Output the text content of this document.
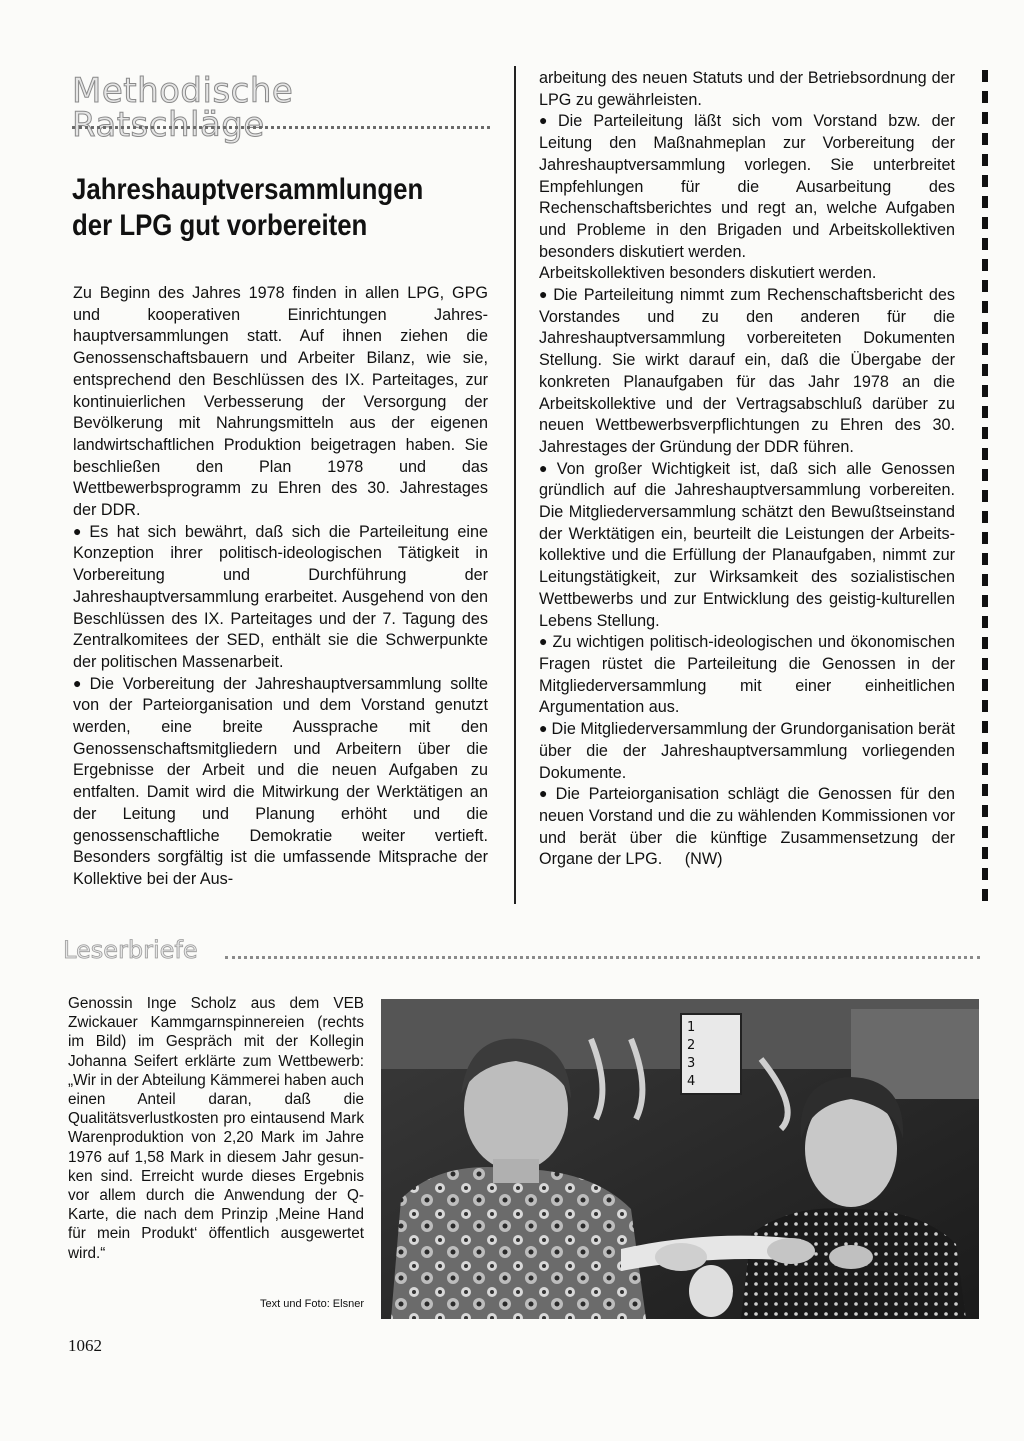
Methodische Ratschläge
Jahreshauptversammlungen der LPG gut vorbereiten

Zu Beginn des Jahres 1978 finden in allen LPG, GPG und kooperativen Einrichtungen Jahreshauptversammlungen statt. Auf ihnen ziehen die Genossenschaftsbauern und Arbeiter Bilanz, wie sie, entsprechend den Beschlüssen des IX. Parteitages, zur kontinuierlichen Verbesserung der Versorgung der Bevölkerung mit Nahrungsmitteln aus der eigenen landwirtschaftlichen Produktion beigetragen haben. Sie beschließen den Plan 1978 und das Wettbewerbsprogramm zu Ehren des 30. Jahrestages der DDR.

● Es hat sich bewährt, daß sich die Parteileitung eine Konzeption ihrer politisch-ideologischen Tätigkeit in Vorbereitung und Durchführung der Jahreshauptversammlung erarbeitet. Ausgehend von den Beschlüssen des IX. Parteitages und der 7. Tagung des Zentralkomitees der SED, enthält sie die Schwerpunkte der politischen Massenarbeit.

● Die Vorbereitung der Jahreshauptversammlung sollte von der Parteiorganisation und dem Vorstand genutzt werden, eine breite Aussprache mit den Genossenschaftsmitgliedern und Arbeitern über die Ergebnisse der Arbeit und die neuen Aufgaben zu entfalten. Damit wird die Mitwirkung der Werktätigen an der Leitung und Planung erhöht und die genossenschaftliche Demokratie weiter vertieft. Besonders sorgfältig ist die umfassende Mitsprache der Kollektive bei der Aus-

arbeitung des neuen Statuts und der Betriebsordnung der LPG zu gewährleisten.

● Die Parteileitung läßt sich vom Vorstand bzw. der Leitung den Maßnahmeplan zur Vorbereitung der Jahreshauptversammlung vorlegen. Sie unterbreitet Empfehlungen für die Ausarbeitung des Rechenschaftsberichtes und regt an, welche Aufgaben und Probleme in den Brigaden und Arbeitskollektiven besonders diskutiert werden.

Arbeitskollektiven besonders diskutiert werden.

● Die Parteileitung nimmt zum Rechenschaftsbericht des Vorstandes und zu den anderen für die Jahreshauptversammlung vorbereiteten Dokumenten Stellung. Sie wirkt darauf ein, daß die Übergabe der konkreten Planaufgaben für das Jahr 1978 an die Arbeitskollektive und der Vertragsabschluß darüber zu neuen Wettbewerbsverpflichtungen zu Ehren des 30. Jahrestages der Gründung der DDR führen.

● Von großer Wichtigkeit ist, daß sich alle Genossen gründlich auf die Jahreshauptversammlung vorbereiten. Die Mitgliederversammlung schätzt den Bewußtseinstand der Werktätigen ein, beurteilt die Leistungen der Arbeitskollektive und die Erfüllung der Planaufgaben, nimmt zur Leitungstätigkeit, zur Wirksamkeit des sozialistischen Wettbewerbs und zur Entwicklung des geistig-kulturellen Lebens Stellung.

● Zu wichtigen politisch-ideologischen und ökonomischen Fragen rüstet die Parteileitung die Genossen in der Mitgliederversammlung mit einer einheitlichen Argumentation aus.

● Die Mitgliederversammlung der Grundorganisation berät über die der Jahreshauptversammlung vorliegenden Dokumente.

● Die Parteiorganisation schlägt die Genossen für den neuen Vorstand und die zu wählenden Kommissionen vor und berät über die künftige Zusammensetzung der Organe der LPG. (NW)

Leserbriefe

Genossin Inge Scholz aus dem VEB Zwickauer Kammgarnspinnereien (rechts im Bild) im Gespräch mit der Kollegin Johanna Seifert erklärte zum Wettbewerb: „Wir in der Abteilung Kämmerei haben auch einen Anteil daran, daß die Qualitätsverlustkosten pro eintausend Mark Warenproduktion von 2,20 Mark im Jahre 1976 auf 1,58 Mark in diesem Jahr gesunken sind. Erreicht wurde dieses Ergebnis vor allem durch die Anwendung der Q-Karte, die nach dem Prinzip ‚Meine Hand für mein Produkt‘ öffentlich ausgewertet wird.“

Text und Foto: Elsner
1
2
3
4
1062
